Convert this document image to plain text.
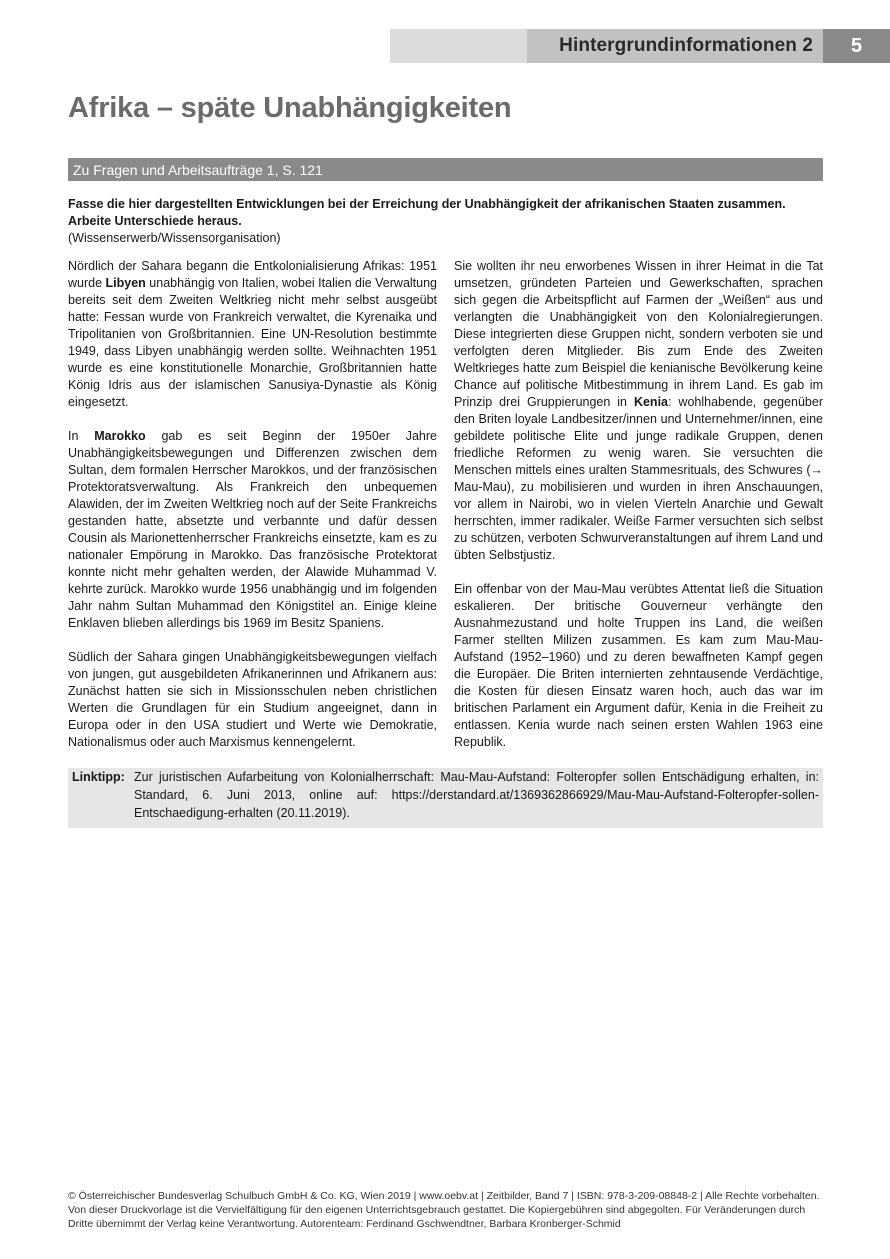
Hintergrundinformationen 2 5
Afrika – späte Unabhängigkeiten
Zu Fragen und Arbeitsaufträge 1, S. 121
Fasse die hier dargestellten Entwicklungen bei der Erreichung der Unabhängigkeit der afrikanischen Staaten zusammen.
Arbeite Unterschiede heraus.
(Wissenserwerb/Wissensorganisation)

Nördlich der Sahara begann die Entkolonialisierung Afrikas: 1951 wurde Libyen unabhängig von Italien, wobei Italien die Verwaltung bereits seit dem Zweiten Weltkrieg nicht mehr selbst ausgeübt hatte: Fessan wurde von Frankreich verwaltet, die Kyrenaika und Tripolitanien von Großbritannien. Eine UN-Resolution bestimmte 1949, dass Libyen unabhängig werden sollte. Weihnachten 1951 wurde es eine konstitutionelle Monarchie, Großbritannien hatte König Idris aus der islamischen Sanusiya-Dynastie als König eingesetzt.

In Marokko gab es seit Beginn der 1950er Jahre Unabhängigkeitsbewegungen und Differenzen zwischen dem Sultan, dem formalen Herrscher Marokkos, und der französischen Protektoratsverwaltung. Als Frankreich den unbequemen Alawiden, der im Zweiten Weltkrieg noch auf der Seite Frankreichs gestanden hatte, absetzte und verbannte und dafür dessen Cousin als Marionettenherrscher Frankreichs einsetzte, kam es zu nationaler Empörung in Marokko. Das französische Protektorat konnte nicht mehr gehalten werden, der Alawide Muhammad V. kehrte zurück. Marokko wurde 1956 unabhängig und im folgenden Jahr nahm Sultan Muhammad den Königstitel an. Einige kleine Enklaven blieben allerdings bis 1969 im Besitz Spaniens.

Südlich der Sahara gingen Unabhängigkeitsbewegungen vielfach von jungen, gut ausgebildeten Afrikanerinnen und Afrikanern aus: Zunächst hatten sie sich in Missionsschulen neben christlichen Werten die Grundlagen für ein Studium angeeignet, dann in Europa oder in den USA studiert und Werte wie Demokratie, Nationalismus oder auch Marxismus kennengelernt.

Sie wollten ihr neu erworbenes Wissen in ihrer Heimat in die Tat umsetzen, gründeten Parteien und Gewerkschaften, sprachen sich gegen die Arbeitspflicht auf Farmen der „Weißen“ aus und verlangten die Unabhängigkeit von den Kolonialregierungen. Diese integrierten diese Gruppen nicht, sondern verboten sie und verfolgten deren Mitglieder. Bis zum Ende des Zweiten Weltkrieges hatte zum Beispiel die kenianische Bevölkerung keine Chance auf politische Mitbestimmung in ihrem Land. Es gab im Prinzip drei Gruppierungen in Kenia: wohlhabende, gegenüber den Briten loyale Landbesitzer/innen und Unternehmer/innen, eine gebildete politische Elite und junge radikale Gruppen, denen friedliche Reformen zu wenig waren. Sie versuchten die Menschen mittels eines uralten Stammesrituals, des Schwures (→ Mau-Mau), zu mobilisieren und wurden in ihren Anschauungen, vor allem in Nairobi, wo in vielen Vierteln Anarchie und Gewalt herrschten, immer radikaler. Weiße Farmer versuchten sich selbst zu schützen, verboten Schwurveranstaltungen auf ihrem Land und übten Selbstjustiz.

Ein offenbar von der Mau-Mau verübtes Attentat ließ die Situation eskalieren. Der britische Gouverneur verhängte den Ausnahmezustand und holte Truppen ins Land, die weißen Farmer stellten Milizen zusammen. Es kam zum Mau-Mau-Aufstand (1952–1960) und zu deren bewaffneten Kampf gegen die Europäer. Die Briten internierten zehntausende Verdächtige, die Kosten für diesen Einsatz waren hoch, auch das war im britischen Parlament ein Argument dafür, Kenia in die Freiheit zu entlassen. Kenia wurde nach seinen ersten Wahlen 1963 eine Republik.

Linktipp: Zur juristischen Aufarbeitung von Kolonialherrschaft: Mau-Mau-Aufstand: Folteropfer sollen Entschädigung erhalten, in: Standard, 6. Juni 2013, online auf: https://derstandard.at/1369362866929/Mau-Mau-Aufstand-Folteropfer-sollen-Entschaedigung-erhalten (20.11.2019).
© Österreichischer Bundesverlag Schulbuch GmbH & Co. KG, Wien 2019 | www.oebv.at | Zeitbilder, Band 7 | ISBN: 978-3-209-08848-2 | Alle Rechte vorbehalten. Von dieser Druckvorlage ist die Vervielfältigung für den eigenen Unterrichtsgebrauch gestattet. Die Kopiergebühren sind abgegolten. Für Veränderungen durch Dritte übernimmt der Verlag keine Verantwortung. Autorenteam: Ferdinand Gschwendtner, Barbara Kronberger-Schmid
